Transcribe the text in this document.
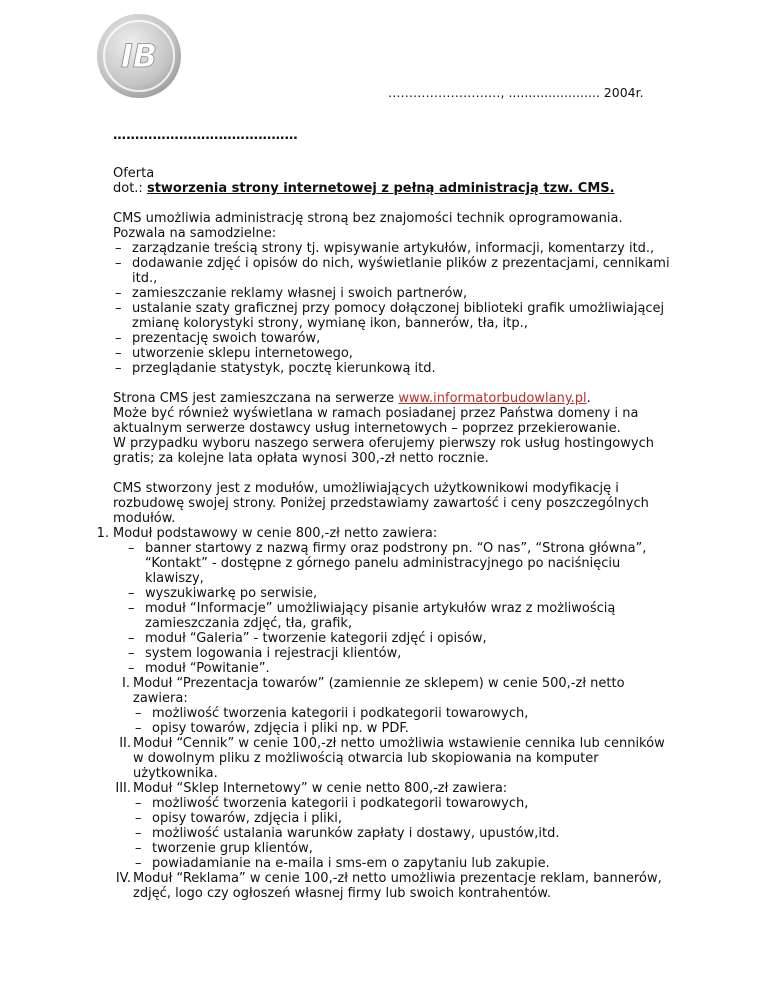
IB
………………………, ....................... 2004r.
……………………………………

Oferta

dot.: stworzenia strony internetowej z pełną administracją tzw. CMS.

CMS umożliwia administrację stroną bez znajomości technik oprogramowania.

Pozwala na samodzielne:

– zarządzanie treścią strony tj. wpisywanie artykułów, informacji, komentarzy itd.,
– dodawanie zdjęć i opisów do nich, wyświetlanie plików z prezentacjami, cennikami itd.,
– zamieszczanie reklamy własnej i swoich partnerów,
– ustalanie szaty graficznej przy pomocy dołączonej biblioteki grafik umożliwiającej zmianę kolorystyki strony, wymianę ikon, bannerów, tła, itp.,
– prezentację swoich towarów,
– utworzenie sklepu internetowego,
– przeglądanie statystyk, pocztę kierunkową itd.

Strona CMS jest zamieszczana na serwerze www.informatorbudowlany.pl.

Może być również wyświetlana w ramach posiadanej przez Państwa domeny i na aktualnym serwerze dostawcy usług internetowych – poprzez przekierowanie.

W przypadku wyboru naszego serwera oferujemy pierwszy rok usług hostingowych gratis; za kolejne lata opłata wynosi 300,-zł netto rocznie.

CMS stworzony jest z modułów, umożliwiających użytkownikowi modyfikację i rozbudowę swojej strony. Poniżej przedstawiamy zawartość i ceny poszczególnych modułów.

1. Moduł podstawowy w cenie 800,-zł netto zawiera:

– banner startowy z nazwą firmy oraz podstrony pn. “O nas”, “Strona główna”, “Kontakt” - dostępne z górnego panelu administracyjnego po naciśnięciu klawiszy,
– wyszukiwarkę po serwisie,
– moduł “Informacje” umożliwiający pisanie artykułów wraz z możliwością zamieszczania zdjęć, tła, grafik,
– moduł “Galeria” - tworzenie kategorii zdjęć i opisów,
– system logowania i rejestracji klientów,
– moduł “Powitanie”.
I. Moduł “Prezentacja towarów” (zamiennie ze sklepem) w cenie 500,-zł netto zawiera:

– możliwość tworzenia kategorii i podkategorii towarowych,
– opisy towarów, zdjęcia i pliki np. w PDF.
II. Moduł “Cennik” w cenie 100,-zł netto umożliwia wstawienie cennika lub cenników w dowolnym pliku z możliwością otwarcia lub skopiowania na komputer użytkownika.

III. Moduł “Sklep Internetowy” w cenie netto 800,-zł zawiera:

– możliwość tworzenia kategorii i podkategorii towarowych,
– opisy towarów, zdjęcia i pliki,
– możliwość ustalania warunków zapłaty i dostawy, upustów,itd.
– tworzenie grup klientów,
– powiadamianie na e-maila i sms-em o zapytaniu lub zakupie.
IV. Moduł “Reklama” w cenie 100,-zł netto umożliwia prezentacje reklam, bannerów, zdjęć, logo czy ogłoszeń własnej firmy lub swoich kontrahentów.
